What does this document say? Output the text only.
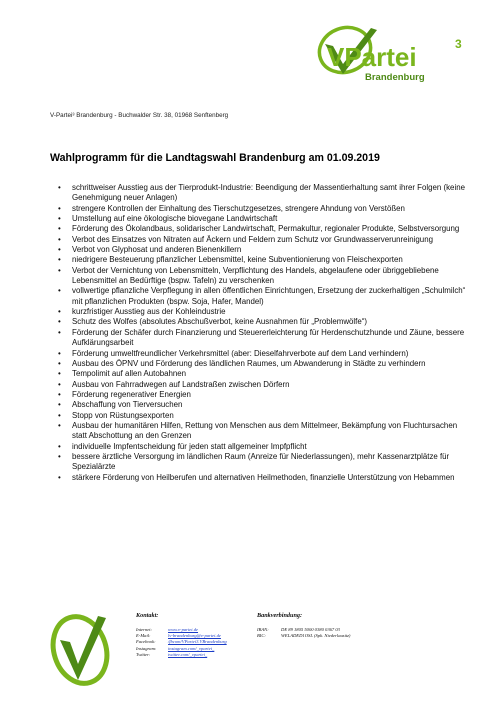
VPartei	3
Brandenburg
V-Partei³ Brandenburg - Buchwalder Str. 38, 01968 Senftenberg
Wahlprogramm für die Landtagswahl Brandenburg am 01.09.2019
• schrittweiser Ausstieg aus der Tierprodukt-Industrie: Beendigung der Massentierhaltung samt ihrer Folgen (keine Genehmigung neuer Anlagen)
• strengere Kontrollen der Einhaltung des Tierschutzgesetzes, strengere Ahndung von Verstößen
• Umstellung auf eine ökologische biovegane Landwirtschaft
• Förderung des Ökolandbaus, solidarischer Landwirtschaft, Permakultur, regionaler Produkte, Selbstversorgung
• Verbot des Einsatzes von Nitraten auf Äckern und Feldern zum Schutz vor Grundwasserverunreinigung
• Verbot von Glyphosat und anderen Bienenkillern
• niedrigere Besteuerung pflanzlicher Lebensmittel, keine Subventionierung von Fleischexporten
• Verbot der Vernichtung von Lebensmitteln, Verpflichtung des Handels, abgelaufene oder übriggebliebene Lebensmittel an Bedürftige (bspw. Tafeln) zu verschenken
• vollwertige pflanzliche Verpflegung in allen öffentlichen Einrichtungen, Ersetzung der zuckerhaltigen „Schulmilch“ mit pflanzlichen Produkten (bspw. Soja, Hafer, Mandel)
• kurzfristiger Ausstieg aus der Kohleindustrie
• Schutz des Wolfes (absolutes Abschußverbot, keine Ausnahmen für „Problemwölfe“)
• Förderung der Schäfer durch Finanzierung und Steuererleichterung für Herdenschutzhunde und Zäune, bessere Aufklärungsarbeit
• Förderung umweltfreundlicher Verkehrsmittel (aber: Dieselfahrverbote auf dem Land verhindern)
• Ausbau des ÖPNV und Förderung des ländlichen Raumes, um Abwanderung in Städte zu verhindern
• Tempolimit auf allen Autobahnen
• Ausbau von Fahrradwegen auf Landstraßen zwischen Dörfern
• Förderung regenerativer Energien
• Abschaffung von Tierversuchen
• Stopp von Rüstungsexporten
• Ausbau der humanitären Hilfen, Rettung von Menschen aus dem Mittelmeer, Bekämpfung von Fluchtursachen statt Abschottung an den Grenzen
• individuelle Impfentscheidung für jeden statt allgemeiner Impfpflicht
• bessere ärztliche Versorgung im ländlichen Raum (Anreize für Niederlassungen), mehr Kassenarztplätze für Spezialärzte
• stärkere Förderung von Heilberufen und alternativen Heilmethoden, finanzielle Unterstützung von Hebammen
Kontakt:
Internet:	www.v-partei.de
E-Mail:	lv-brandenburg@v-partei.de
Facebook:	/fbcom/VPartei3.VBrandenburg
Instagram:	instagram.com/_vpartei_
Twitter:	twitter.com/_vpartei_
Bankverbindung:
IBAN:	DE 89 1805 5000 0380 0367 03
BIC:	WELADED1OSL (Spk. Niederlausitz)
